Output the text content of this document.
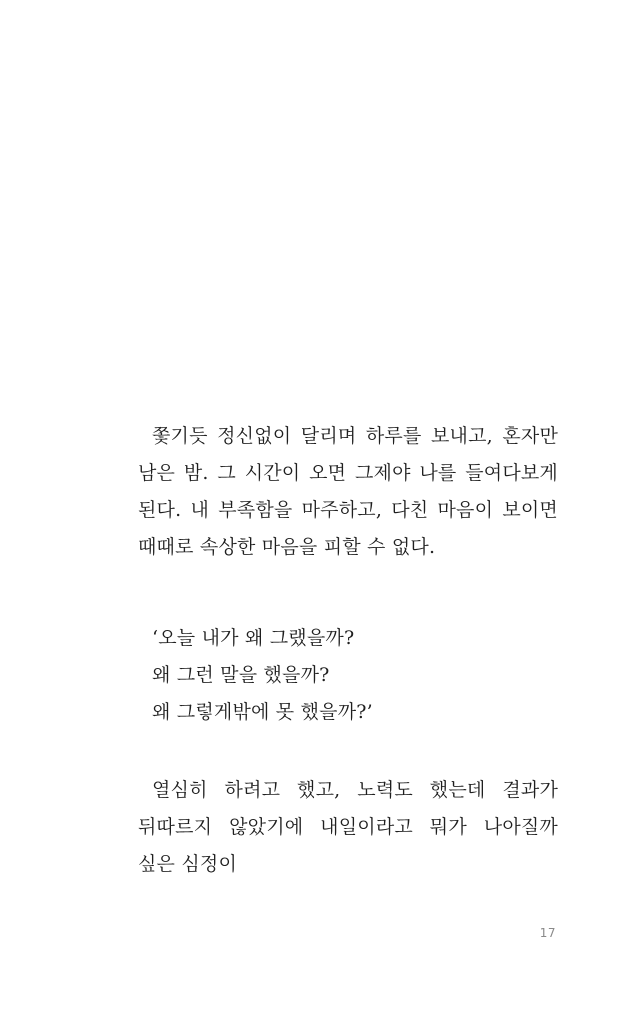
쫓기듯 정신없이 달리며 하루를 보내고, 혼자만 남은 밤. 그 시간이 오면 그제야 나를 들여다보게 된다. 내 부족함을 마주하고, 다친 마음이 보이면 때때로 속상한 마음을 피할 수 없다.
‘오늘 내가 왜 그랬을까?
왜 그런 말을 했을까?
왜 그렇게밖에 못 했을까?’
열심히 하려고 했고, 노력도 했는데 결과가 뒤따르지 않았기에 내일이라고 뭐가 나아질까 싶은 심정이
17
